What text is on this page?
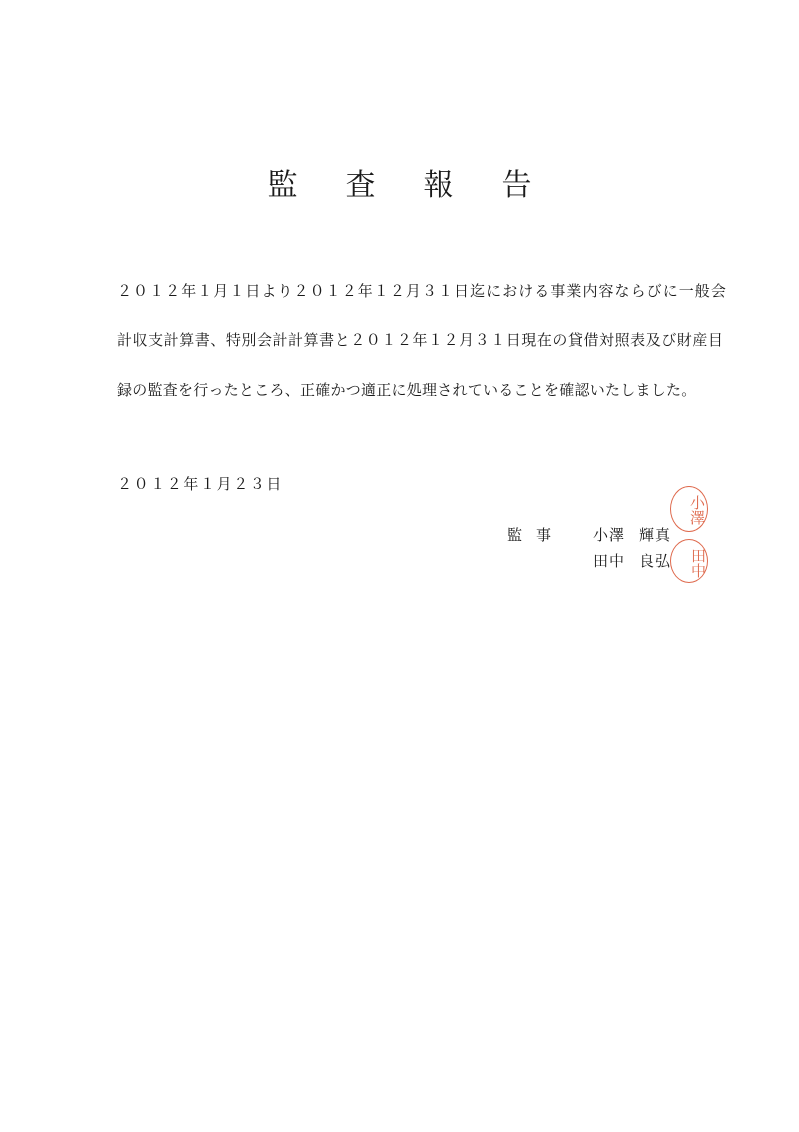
監査報告
２０１２年１月１日より２０１２年１２月３１日迄における事業内容ならびに一般会
計収支計算書、特別会計計算書と２０１２年１２月３１日現在の貸借対照表及び財産目
録の監査を行ったところ、正確かつ適正に処理されていることを確認いたしました。
２０１２年１月２３日
監事 小澤 輝真
田中 良弘
小澤
田中
